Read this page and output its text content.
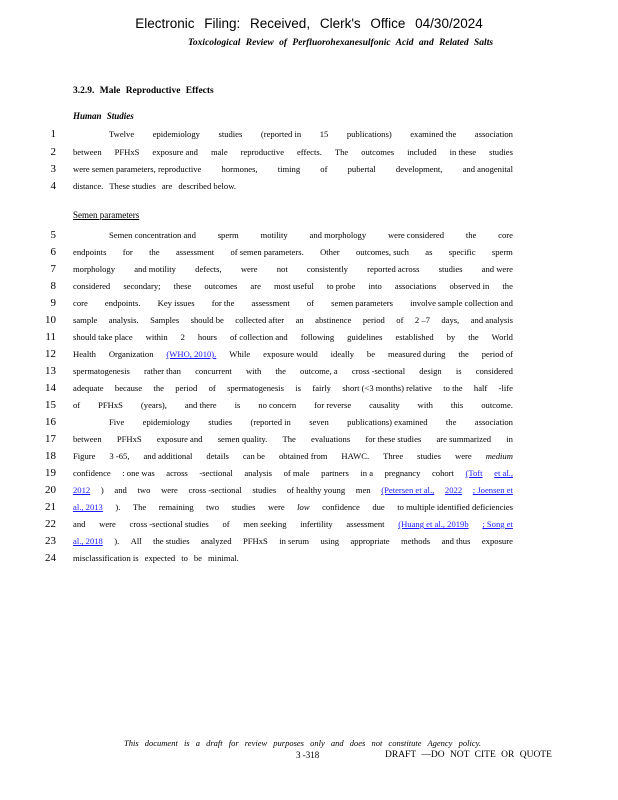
Electronic Filing: Received, Clerk's Office 04/30/2024
Toxicological Review of Perfluorohexanesulfonic Acid and Related Salts
3.2.9. Male Reproductive Effects
Human Studies
Semen parameters
1	Twelve epidemiology studies (reported in 15 publications) examined the association
2 between PFHxS exposure and male reproductive effects. The outcomes included in these studies
3 were semen parameters, reproductive hormones, timing of pubertal development, and anogenital
4 distance. These studies are described below.
5	Semen concentration and	sperm	motility	and morphology	were considered	the	core
6 endpoints for the assessment of semen parameters. Other outcomes, such as specific sperm
7 morphology and motility defects, were not consistently reported across studies and were
8 considered secondary; these outcomes are most useful to probe into associations observed in the
9 core endpoints. Key issues for the assessment of semen parameters involve sample collection and
10 sample analysis. Samples should be collected after an abstinence period of 2 –7 days, and analysis
11 should take place within 2 hours of collection and following guidelines established by the World
12 Health Organization (WHO, 2010). While exposure would ideally be measured during the period of
13 spermatogenesis rather than concurrent with the outcome, a cross -sectional design is considered
14 adequate because the period of spermatogenesis is fairly short (<3 months) relative to the half -life
15 of PFHxS (years), and there is no concern for reverse causality with this outcome.
16	Five epidemiology studies (reported in seven publications) examined the association
17 between PFHxS exposure and semen quality. The evaluations for these studies are summarized in
18 Figure 3 -65, and additional details can be obtained from HAWC. Three studies were medium
19 confidence : one was across -sectional analysis of male partners in a pregnancy cohort (Toft et al.,
20 2012 ) and two were cross -sectional studies of healthy young men (Petersen et al., 2022 ; Joensen et
21 al., 2013 ). The remaining two studies were low confidence due to multiple identified deficiencies
22 and were cross -sectional studies of men seeking infertility assessment (Huang et al., 2019b ; Song et
23 al., 2018 ). All the studies analyzed PFHxS in serum using appropriate methods and thus exposure
24 misclassification is expected to be minimal.
This document is a draft for review purposes only and does not constitute Agency policy.
3 -318	DRAFT —DO NOT CITE OR QUOTE
